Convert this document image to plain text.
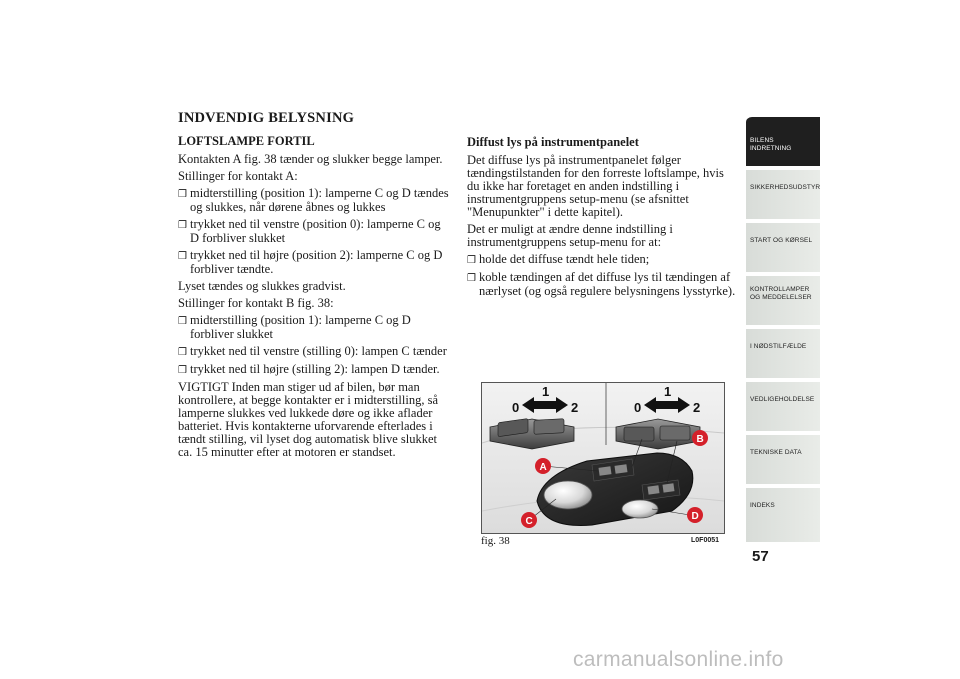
INDVENDIG BELYSNING
LOFTSLAMPE FORTIL

Kontakten A fig. 38 tænder og slukker begge lamper.

Stillinger for kontakt A:

❒ midterstilling (position 1): lamperne C og D tændes og slukkes, når dørene åbnes og lukkes
❒ trykket ned til venstre (position 0): lamperne C og D forbliver slukket
❒ trykket ned til højre (position 2): lamperne C og D forbliver tændte.

Lyset tændes og slukkes gradvist.

Stillinger for kontakt B fig. 38:

❒ midterstilling (position 1): lamperne C og D forbliver slukket
❒ trykket ned til venstre (stilling 0): lampen C tænder
❒ trykket ned til højre (stilling 2): lampen D tænder.

VIGTIGT Inden man stiger ud af bilen, bør man kontrollere, at begge kontakter er i midterstilling, så lamperne slukkes ved lukkede døre og ikke aflader batteriet. Hvis kontakterne uforvarende efterlades i tændt stilling, vil lyset dog automatisk blive slukket ca. 15 minutter efter at motoren er standset.

Diffust lys på instrumentpanelet

Det diffuse lys på instrumentpanelet følger tændingstilstanden for den forreste loftslampe, hvis du ikke har foretaget en anden indstilling i instrumentgruppens setup-menu (se afsnittet "Menupunkter" i dette kapitel).

Det er muligt at ændre denne indstilling i instrumentgruppens setup-menu for at:

❒ holde det diffuse tændt hele tiden;
❒ koble tændingen af det diffuse lys til tændingen af nærlyset (og også regulere belysningens lysstyrke).
0
1
2	0
1
2
A
B
C	D
fig. 38	L0F0051
BILENS
INDRETNING
SIKKERHEDSUDSTYR
START OG KØRSEL
KONTROLLAMPER
OG MEDDELELSER
I NØDSTILFÆLDE
VEDLIGEHOLDELSE
TEKNISKE DATA
INDEKS
57
carmanualsonline.info
